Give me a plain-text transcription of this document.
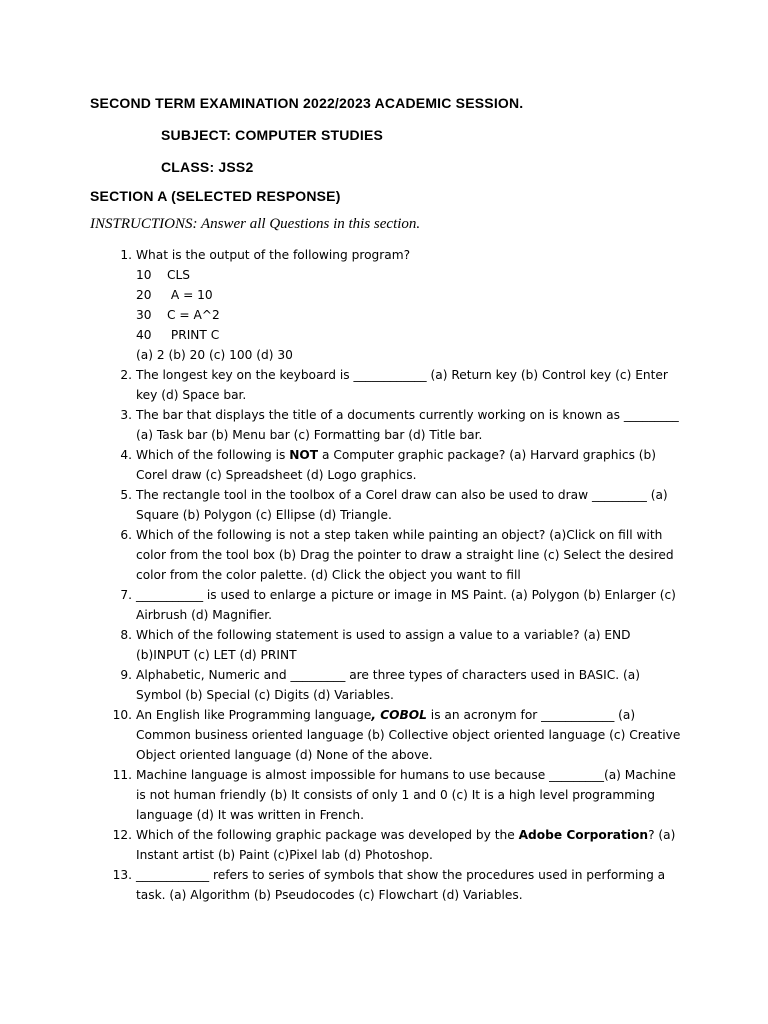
SECOND TERM EXAMINATION 2022/2023 ACADEMIC SESSION.
SUBJECT: COMPUTER STUDIES
CLASS: JSS2
SECTION A (SELECTED RESPONSE)
INSTRUCTIONS: Answer all Questions in this section.
1. What is the output of the following program?
10    CLS
20     A = 10
30    C = A^2
40     PRINT C
(a) 2 (b) 20 (c) 100 (d) 30
2. The longest key on the keyboard is ____________ (a) Return key (b) Control key (c) Enter key (d) Space bar.
3. The bar that displays the title of a documents currently working on is known as _________ (a) Task bar (b) Menu bar (c) Formatting bar (d) Title bar.
4. Which of the following is NOT a Computer graphic package? (a) Harvard graphics (b) Corel draw (c) Spreadsheet (d) Logo graphics.
5. The rectangle tool in the toolbox of a Corel draw can also be used to draw _________ (a) Square (b) Polygon (c) Ellipse (d) Triangle.
6. Which of the following is not a step taken while painting an object? (a)Click on fill with color from the tool box (b) Drag the pointer to draw a straight line (c) Select the desired color from the color palette. (d) Click the object you want to fill
7. ___________ is used to enlarge a picture or image in MS Paint. (a) Polygon (b) Enlarger (c) Airbrush (d) Magnifier.
8. Which of the following statement is used to assign a value to a variable? (a) END (b)INPUT (c) LET (d) PRINT
9. Alphabetic, Numeric and _________ are three types of characters used in BASIC. (a) Symbol (b) Special (c) Digits (d) Variables.
10. An English like Programming language, COBOL is an acronym for ____________ (a) Common business oriented language (b) Collective object oriented language (c) Creative Object oriented language (d) None of the above.
11. Machine language is almost impossible for humans to use because _________(a) Machine is not human friendly (b) It consists of only 1 and 0 (c) It is a high level programming language (d) It was written in French.
12. Which of the following graphic package was developed by the Adobe Corporation? (a) Instant artist (b) Paint (c)Pixel lab (d) Photoshop.
13. ____________ refers to series of symbols that show the procedures used in performing a task. (a) Algorithm (b) Pseudocodes (c) Flowchart (d) Variables.
